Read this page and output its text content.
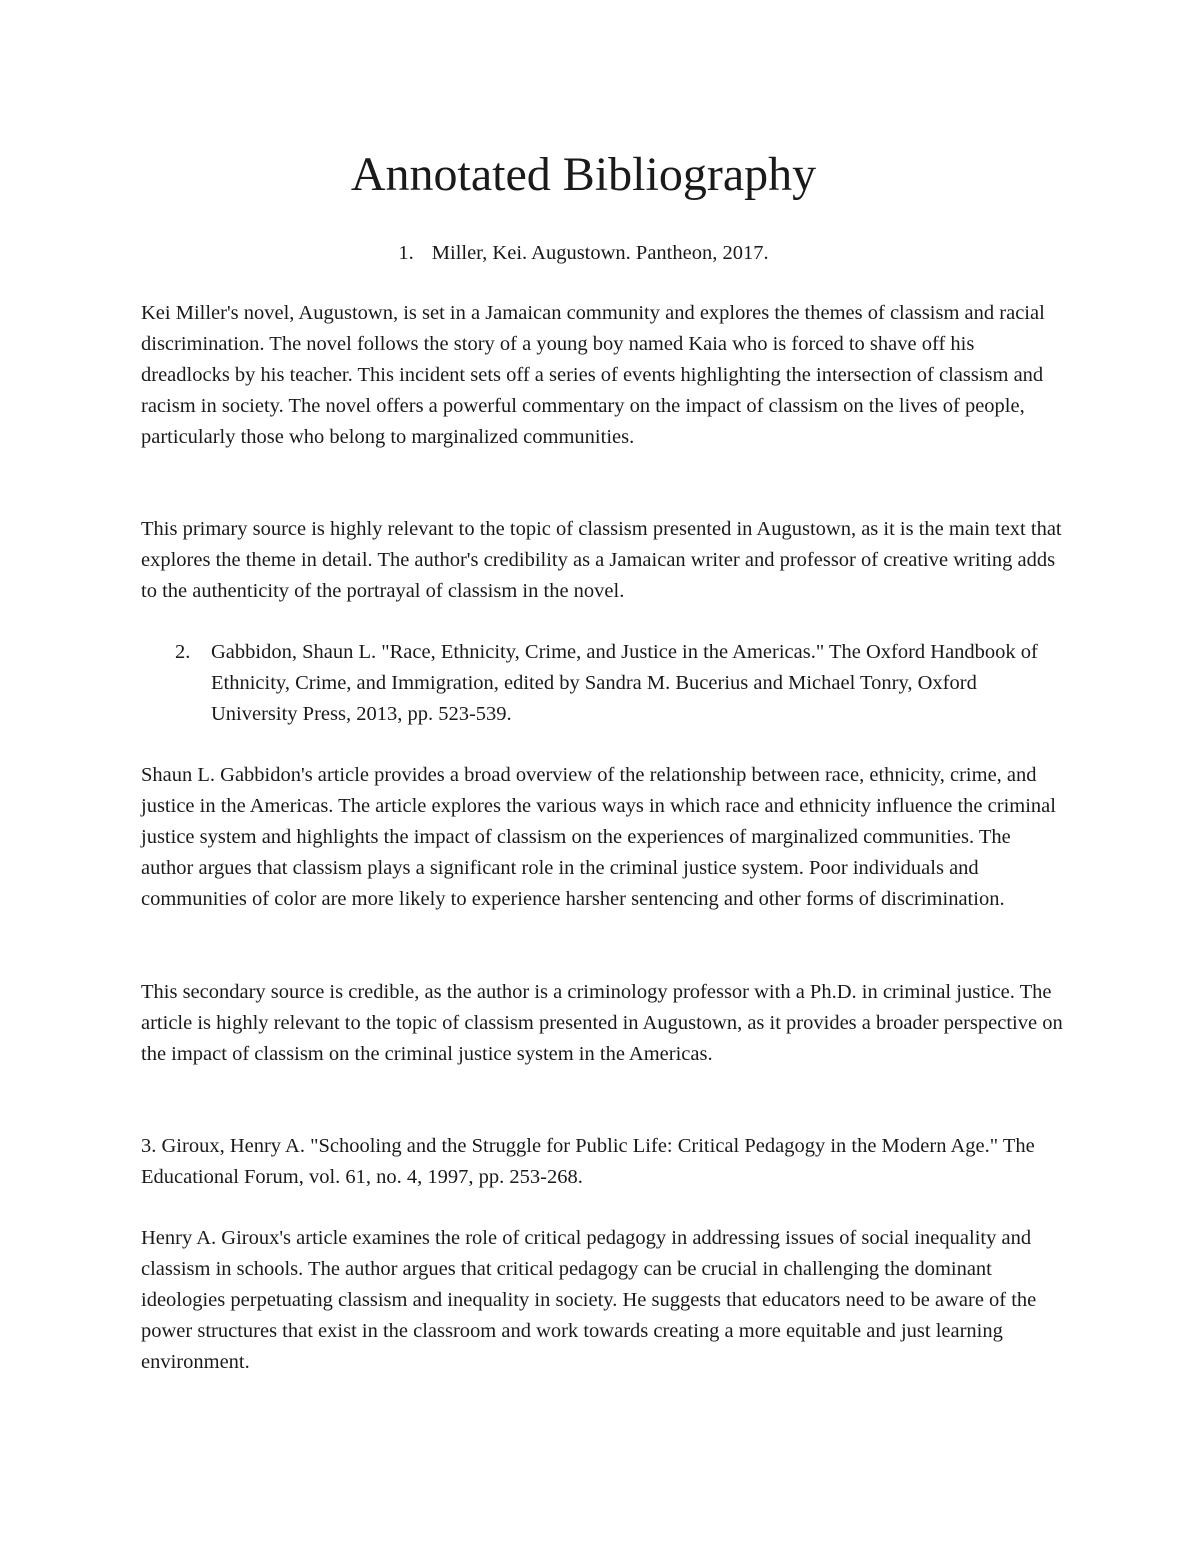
Annotated Bibliography

1. Miller, Kei. Augustown. Pantheon, 2017.

Kei Miller's novel, Augustown, is set in a Jamaican community and explores the themes of classism and racial discrimination. The novel follows the story of a young boy named Kaia who is forced to shave off his dreadlocks by his teacher. This incident sets off a series of events highlighting the intersection of classism and racism in society. The novel offers a powerful commentary on the impact of classism on the lives of people, particularly those who belong to marginalized communities.

This primary source is highly relevant to the topic of classism presented in Augustown, as it is the main text that explores the theme in detail. The author's credibility as a Jamaican writer and professor of creative writing adds to the authenticity of the portrayal of classism in the novel.

2. Gabbidon, Shaun L. "Race, Ethnicity, Crime, and Justice in the Americas." The Oxford Handbook of Ethnicity, Crime, and Immigration, edited by Sandra M. Bucerius and Michael Tonry, Oxford University Press, 2013, pp. 523-539.

Shaun L. Gabbidon's article provides a broad overview of the relationship between race, ethnicity, crime, and justice in the Americas. The article explores the various ways in which race and ethnicity influence the criminal justice system and highlights the impact of classism on the experiences of marginalized communities. The author argues that classism plays a significant role in the criminal justice system. Poor individuals and communities of color are more likely to experience harsher sentencing and other forms of discrimination.

This secondary source is credible, as the author is a criminology professor with a Ph.D. in criminal justice. The article is highly relevant to the topic of classism presented in Augustown, as it provides a broader perspective on the impact of classism on the criminal justice system in the Americas.

3. Giroux, Henry A. "Schooling and the Struggle for Public Life: Critical Pedagogy in the Modern Age." The Educational Forum, vol. 61, no. 4, 1997, pp. 253-268.

Henry A. Giroux's article examines the role of critical pedagogy in addressing issues of social inequality and classism in schools. The author argues that critical pedagogy can be crucial in challenging the dominant ideologies perpetuating classism and inequality in society. He suggests that educators need to be aware of the power structures that exist in the classroom and work towards creating a more equitable and just learning environment.
